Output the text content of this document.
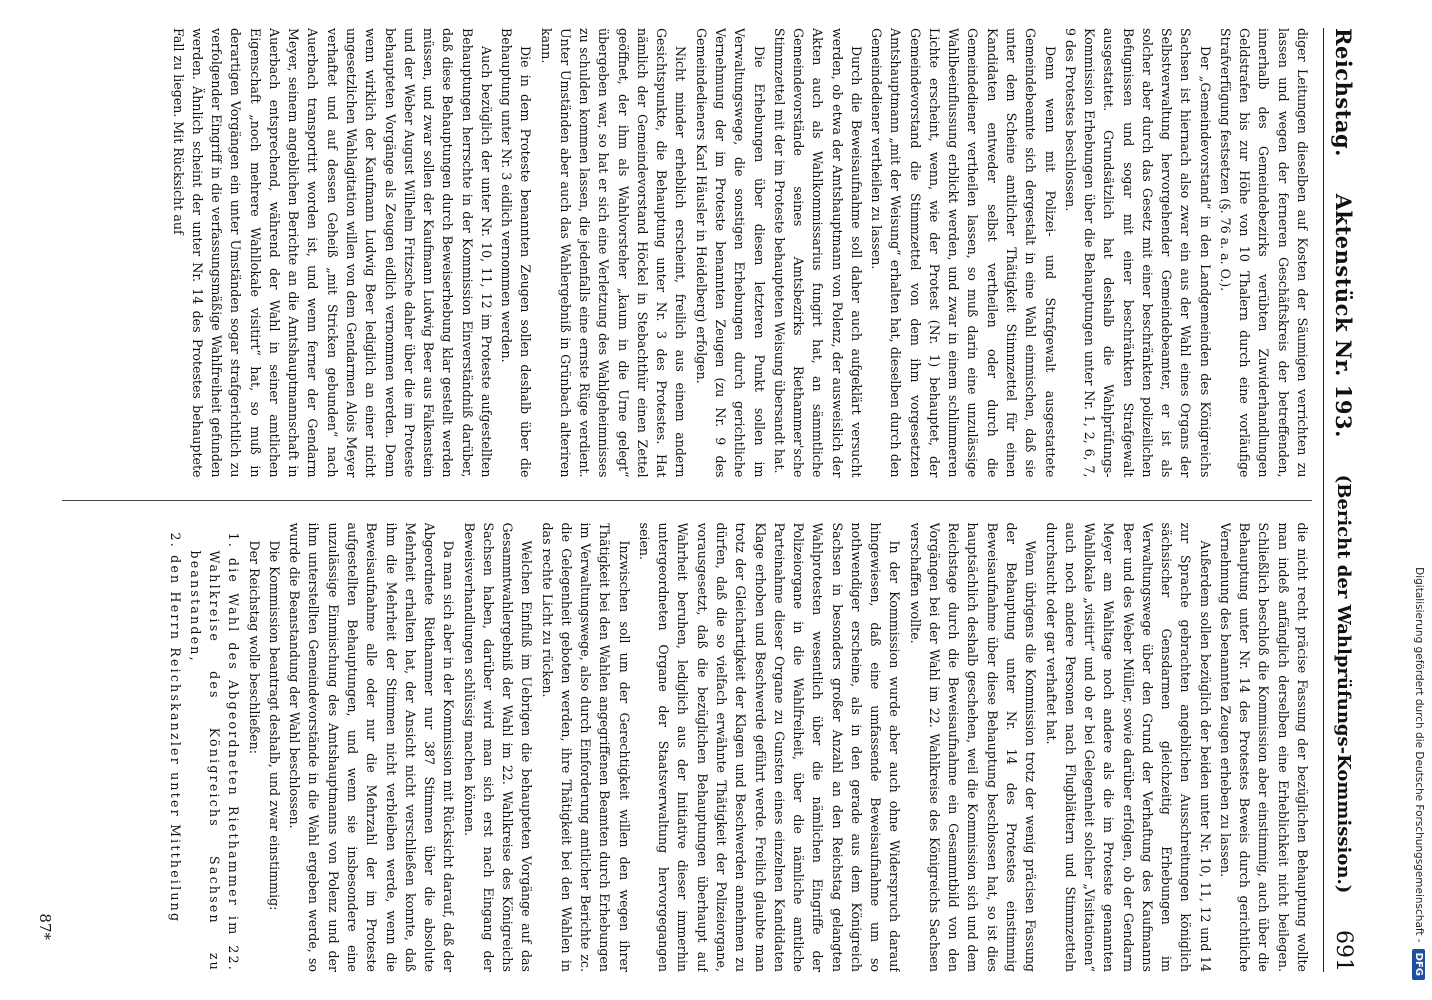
Reichstag.
Aktenstück Nr. 193.
(Bericht der Wahlprüfungs-Kommission.)
691

diger Leitungen dieselben auf Kosten der Säumigen verrichten zu lassen und wegen der ferneren Geschäftskreis der betreffenden, innerhalb des Gemeindebezirks verübten Zuwiderhandlungen Geldstrafen bis zur Höhe von 10 Thalern durch eine vorläufige Strafverfügung festsetzen (§. 76 a. a. O.).

Der „Gemeindevorstand“ in den Landgemeinden des Königreichs Sachsen ist hiernach also zwar ein aus der Wahl eines Organs der Selbstverwaltung hervorgehender Gemeindebeamter, er ist als solcher aber durch das Gesetz mit einer beschränkten polizeilichen Befugnissen und sogar mit einer beschränkten Strafgewalt ausgestattet. Grundsätzlich hat deshalb die Wahlprüfungs-Kommission Erhebungen über die Behauptungen unter Nr. 1, 2, 6, 7, 9 des Protestes beschlossen.

Denn wenn mit Polizei- und Strafgewalt ausgestattete Gemeindebeamte sich dergestalt in eine Wahl einmischen, daß sie unter dem Scheine amtlicher Thätigkeit Stimmzettel für einen Kandidaten entweder selbst vertheilen oder durch die Gemeindediener vertheilen lassen, so muß darin eine unzulässige Wahlbeeinflussung erblickt werden, und zwar in einem schlimmeren Lichte erscheint, wenn, wie der Protest (Nr. 1) behauptet, der Gemeindevorstand die Stimmzettel von dem ihm vorgesetzten Amtshauptmann „mit der Weisung“ erhalten hat, dieselben durch den Gemeindediener vertheilen zu lassen.

Durch die Beweisaufnahme soll daher auch aufgeklärt versucht werden, ob etwa der Amtshauptmann von Polenz, der ausweislich der Akten auch als Wahlkommissarius fungirt hat, an sämmtliche Gemeindevorstände seines Amtsbezirks Riethammer'sche Stimmzettel mit der im Proteste behaupteten Weisung übersandt hat.

Die Erhebungen über diesen letzteren Punkt sollen im Verwaltungswege, die sonstigen Erhebungen durch gerichtliche Vernehmung der im Proteste benannten Zeugen (zu Nr. 9 des Gemeindedieners Karl Häusler in Heidelberg) erfolgen.

Nicht minder erheblich erscheint, freilich aus einem andern Gesichtspunkte, die Behauptung unter Nr. 3 des Protestes. Hat nämlich der Gemeindevorstand Höckel in Stebachthür einen Zettel geöffnet, der ihm als Wahlvorsteher „kaum in die Urne gelegt“ übergeben war, so hat er sich eine Verletzung des Wahlgeheimnisses zu schulden kommen lassen, die jedenfalls eine ernste Rüge verdient. Unter Umständen aber auch das Wahlergebniß in Grünbach alteriren kann.

Die in dem Proteste benannten Zeugen sollen deshalb über die Behauptung unter Nr. 3 eidlich vernommen werden.

Auch bezüglich der unter Nr. 10, 11, 12 im Proteste aufgestellten Behauptungen herrschte in der Kommission Einverständniß darüber, daß diese Behauptungen durch Beweiserhebung klar gestellt werden müssen, und zwar sollen der Kaufmann Ludwig Beer aus Falkenstein und der Weber August Wilhelm Fritzsche daher über die im Proteste behaupteten Vorgänge als Zeugen eidlich vernommen werden. Denn wenn wirklich der Kaufmann Ludwig Beer lediglich an einer nicht ungesetzlichen Wahlagitation willen von dem Gendarmen Alois Meyer verhaftet und auf dessen Geheiß „mit Stricken gebunden“ nach Auerbach transportirt worden ist, und wenn ferner der Gendarm Meyer, seinem angeblichen Berichte an die Amtshauptmannschaft in Auerbach entsprechend, während der Wahl in seiner amtlichen Eigenschaft „noch mehrere Wahllokale visitirt“ hat, so muß in derartigen Vorgängen ein unter Umständen sogar strafgerichtlich zu verfolgender Eingriff in die verfassungsmäßige Wahlfreiheit gefunden werden. Ähnlich scheint der unter Nr. 14 des Protestes behauptete Fall zu liegen. Mit Rücksicht auf

die nicht recht präcise Fassung der bezüglichen Behauptung wollte man indeß anfänglich derselben eine Erheblichkeit nicht beilegen. Schließlich beschloß die Kommission aber einstimmig, auch über die Behauptung unter Nr. 14 des Protestes Beweis durch gerichtliche Vernehmung des benannten Zeugen erheben zu lassen.

Außerdem sollen bezüglich der beiden unter Nr. 10, 11, 12 und 14 zur Sprache gebrachten angeblichen Ausschreitungen königlich sächsischer Gensdarmen gleichzeitig Erhebungen im Verwaltungswege über den Grund der Verhaftung des Kaufmanns Beer und des Weber Müller, sowie darüber erfolgen, ob der Gendarm Meyer am Wahltage noch andere als die im Proteste genannten Wahllokale „visitirt“ und ob er bei Gelegenheit solcher „Visitationen“ auch noch andere Personen nach Flugblättern und Stimmzetteln durchsucht oder gar verhaftet hat.

Wenn übrigens die Kommission trotz der wenig präcisen Fassung der Behauptung unter Nr. 14 des Protestes einstimmig Beweisaufnahme über diese Behauptung beschlossen hat, so ist dies hauptsächlich deshalb geschehen, weil die Kommission sich und dem Reichstage durch die Beweisaufnahme ein Gesammtbild von den Vorgängen bei der Wahl im 22. Wahlkreise des Königreichs Sachsen verschaffen wollte.

In der Kommission wurde aber auch ohne Widerspruch darauf hingewiesen, daß eine umfassende Beweisaufnahme um so nothwendiger erscheine, als in den gerade aus dem Königreich Sachsen in besonders großer Anzahl an den Reichstag gelangten Wahlprotesten wesentlich über die nämlichen Eingriffe der Polizeiorgane in die Wahlfreiheit, über die nämliche amtliche Parteinahme dieser Organe zu Gunsten eines einzelnen Kandidaten Klage erhoben und Beschwerde geführt werde. Freilich glaubte man trotz der Gleichartigkeit der Klagen und Beschwerden annehmen zu dürfen, daß die so vielfach erwähnte Thätigkeit der Polizeiorgane, vorausgesetzt, daß die bezüglichen Behauptungen überhaupt auf Wahrheit beruhen, lediglich aus der Initiative dieser immerhin untergeordneten Organe der Staatsverwaltung hervorgegangen seien.

Inzwischen soll um der Gerechtigkeit willen den wegen ihrer Thätigkeit bei den Wahlen angegriffenen Beamten durch Erhebungen im Verwaltungswege, also durch Einforderung amtlicher Berichte zc. die Gelegenheit geboten werden, ihre Thätigkeit bei den Wahlen in das rechte Licht zu rücken.

Welchen Einfluß im Uebrigen die behaupteten Vorgänge auf das Gesammtwahlergebniß der Wahl im 22. Wahlkreise des Königreichs Sachsen haben, darüber wird man sich erst nach Eingang der Beweisverhandlungen schlüssig machen können.

Da man sich aber in der Kommission mit Rücksicht darauf, daß der Abgeordnete Riethammer nur 387 Stimmen über die absolute Mehrheit erhalten hat, der Ansicht nicht verschließen konnte, daß ihm die Mehrheit der Stimmen nicht verbleiben werde, wenn die Beweisaufnahme alle oder nur die Mehrzahl der im Proteste aufgestellten Behauptungen, und wenn sie insbesondere eine unzulässige Einmischung des Amtshauptmanns von Polenz und der ihm unterstellten Gemeindevorstände in die Wahl ergeben werde, so wurde die Beanstandung der Wahl beschlossen.

Die Kommission beantragt deshalb, und zwar einstimmig:

Der Reichstag wolle beschließen:

1. die Wahl des Abgeordneten Riethammer im 22. Wahlkreise des Königreichs Sachsen zu beanstanden,

2. den Herrn Reichskanzler unter Mittheilung

87*	Digitalisierung gefördert durch die Deutsche Forschungsgemeinschaft -
DFG
